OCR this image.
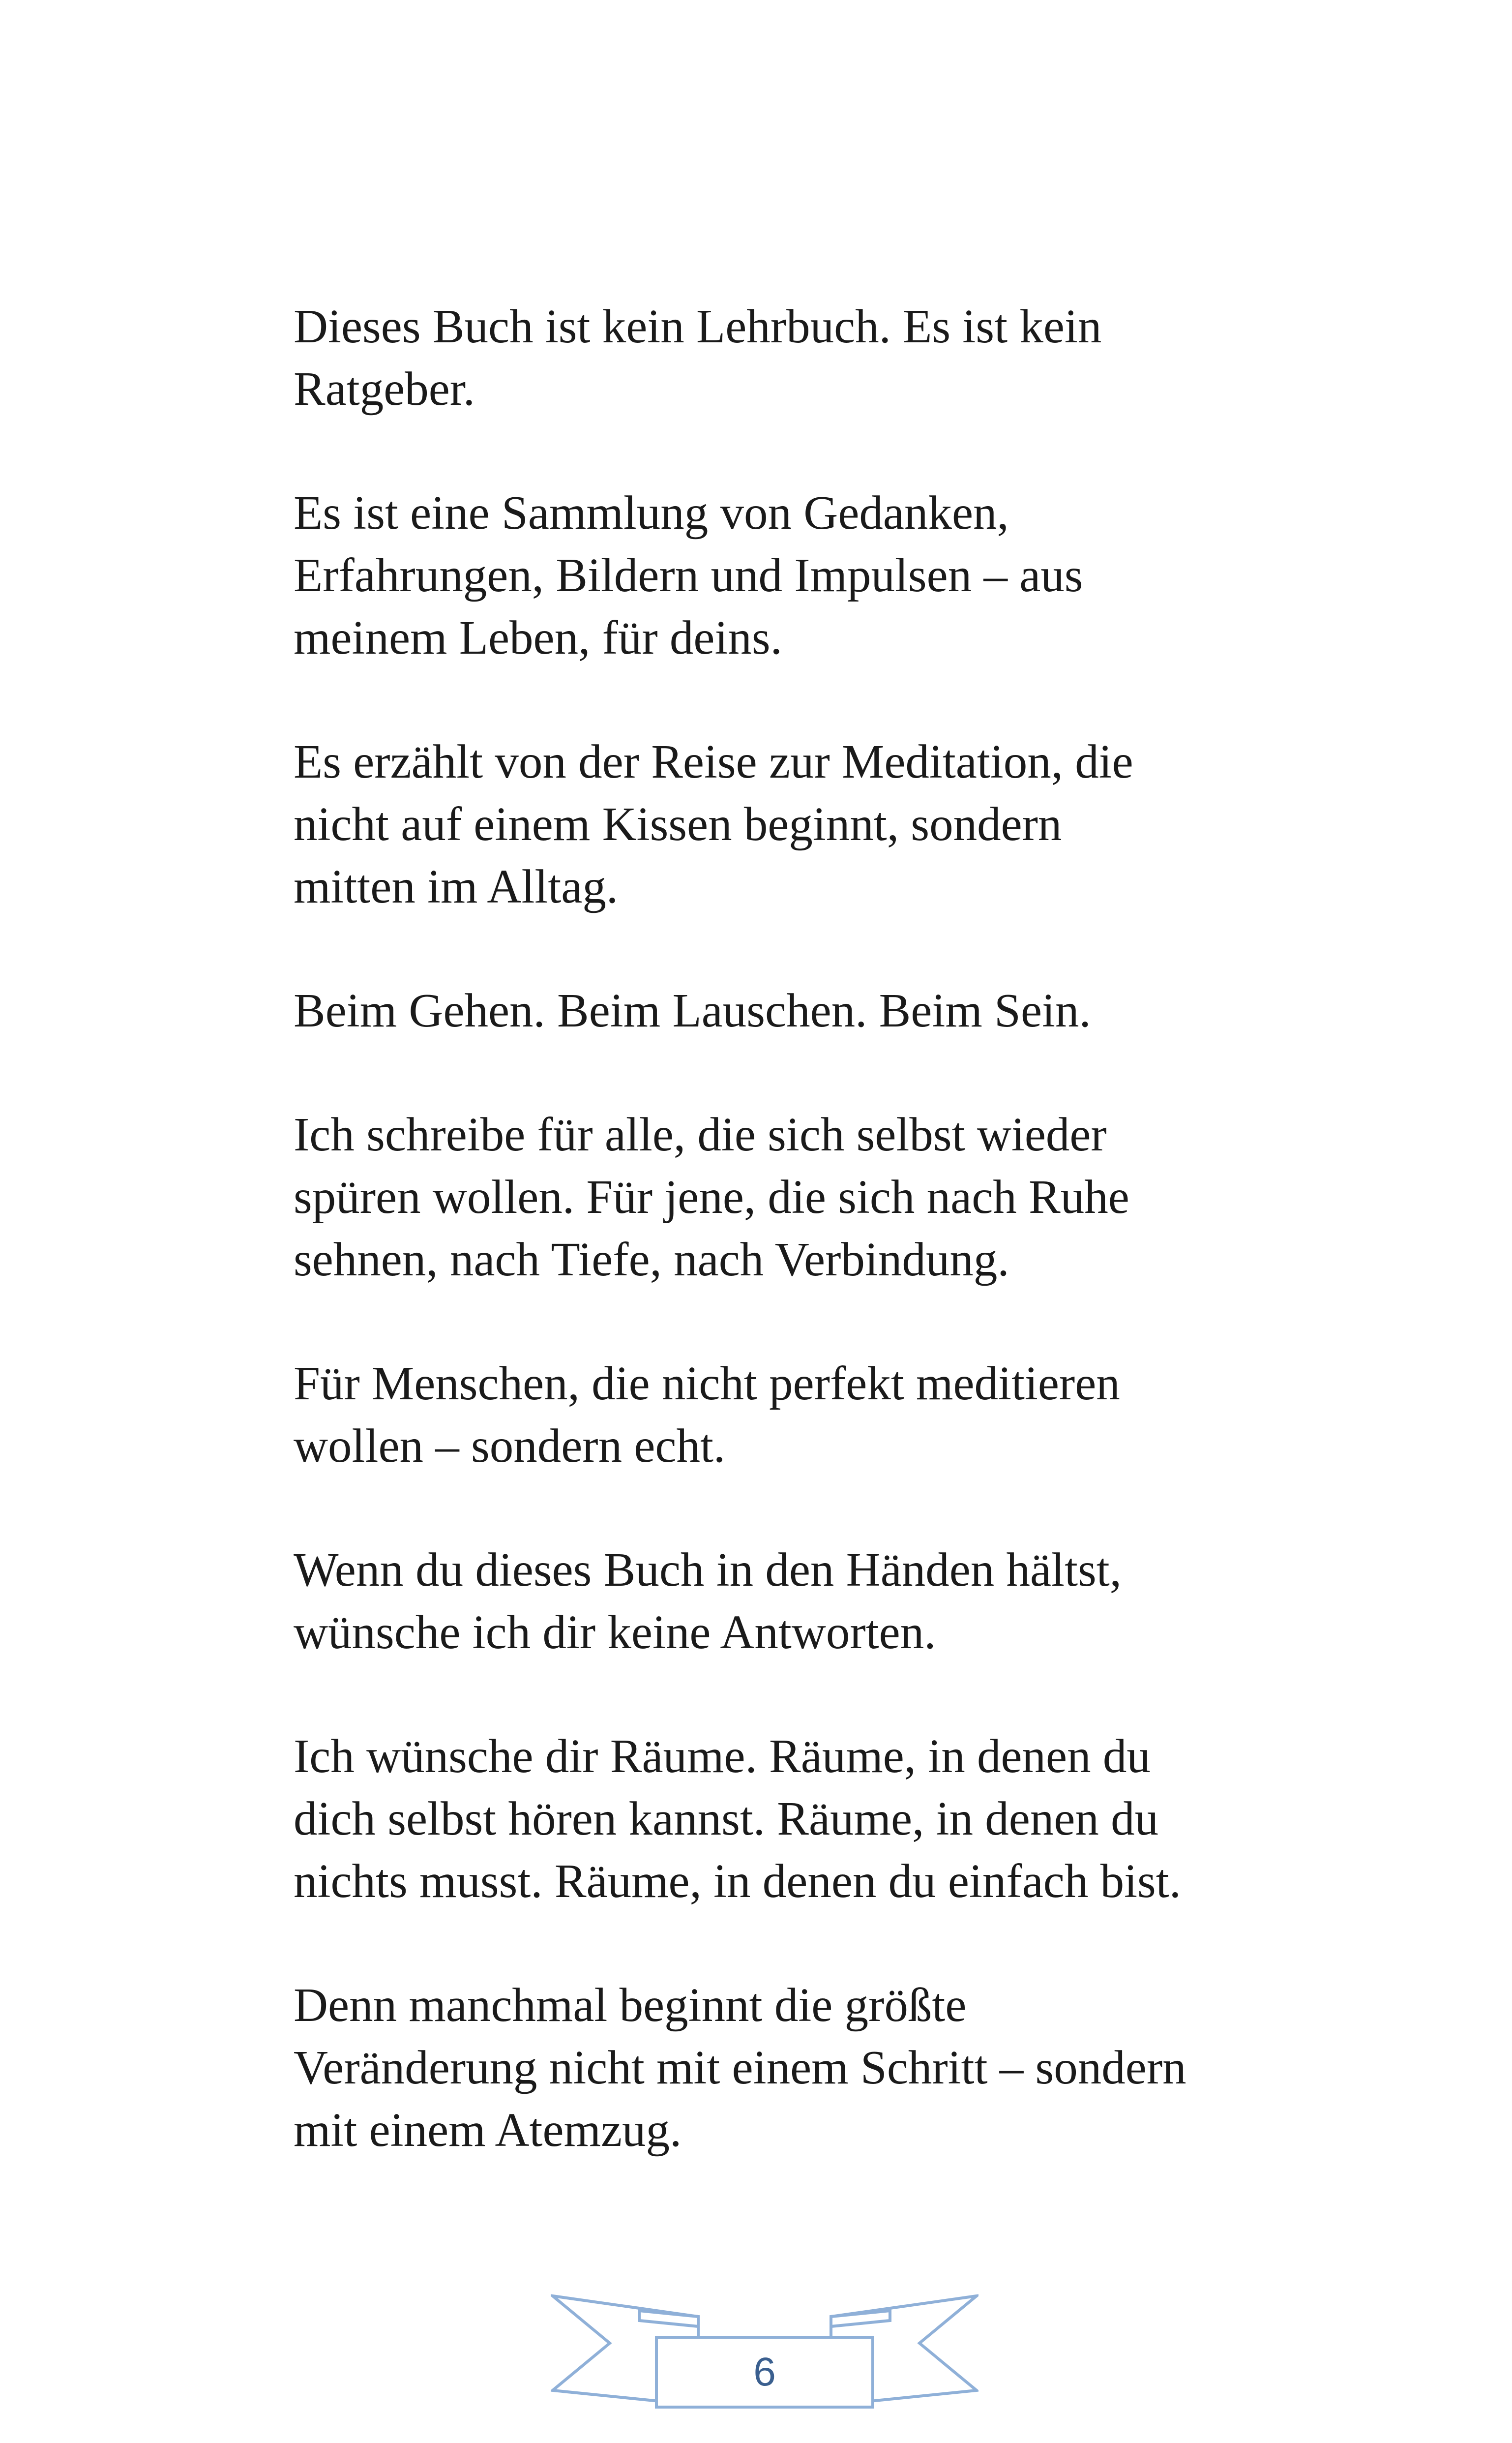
Dieses Buch ist kein Lehrbuch. Es ist kein
Ratgeber.

Es ist eine Sammlung von Gedanken,
Erfahrungen, Bildern und Impulsen – aus
meinem Leben, für deins.

Es erzählt von der Reise zur Meditation, die
nicht auf einem Kissen beginnt, sondern
mitten im Alltag.

Beim Gehen. Beim Lauschen. Beim Sein.

Ich schreibe für alle, die sich selbst wieder
spüren wollen. Für jene, die sich nach Ruhe
sehnen, nach Tiefe, nach Verbindung.

Für Menschen, die nicht perfekt meditieren
wollen – sondern echt.

Wenn du dieses Buch in den Händen hältst,
wünsche ich dir keine Antworten.

Ich wünsche dir Räume. Räume, in denen du
dich selbst hören kannst. Räume, in denen du
nichts musst. Räume, in denen du einfach bist.

Denn manchmal beginnt die größte
Veränderung nicht mit einem Schritt – sondern
mit einem Atemzug.

6
